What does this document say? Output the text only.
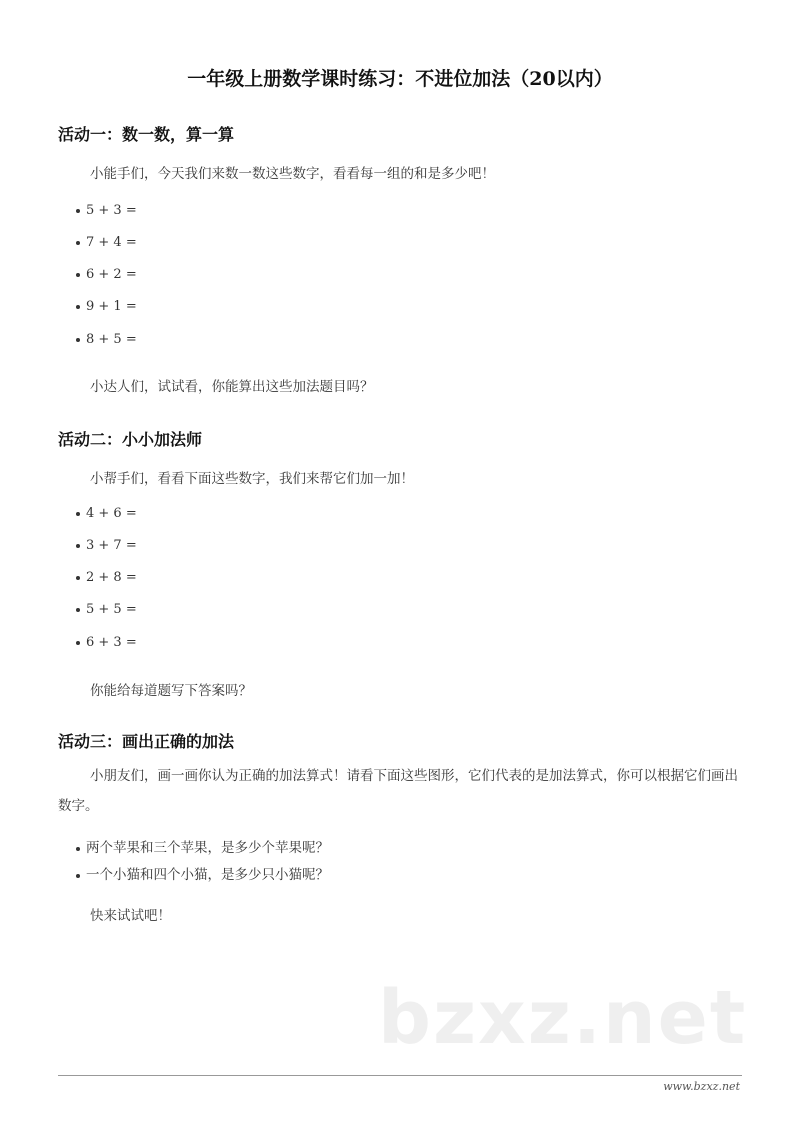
一年级上册数学课时练习：不进位加法（20以内）
活动一：数一数，算一算
小能手们，今天我们来数一数这些数字，看看每一组的和是多少吧！
5 + 3 =
7 + 4 =
6 + 2 =
9 + 1 =
8 + 5 =
小达人们，试试看，你能算出这些加法题目吗？
活动二：小小加法师
小帮手们，看看下面这些数字，我们来帮它们加一加！
4 + 6 =
3 + 7 =
2 + 8 =
5 + 5 =
6 + 3 =
你能给每道题写下答案吗？
活动三：画出正确的加法
小朋友们，画一画你认为正确的加法算式！请看下面这些图形，它们代表的是加法算式，你可以根据它们画出数字。
两个苹果和三个苹果，是多少个苹果呢？
一个小猫和四个小猫，是多少只小猫呢？
快来试试吧！
bzxz.net
www.bzxz.net
